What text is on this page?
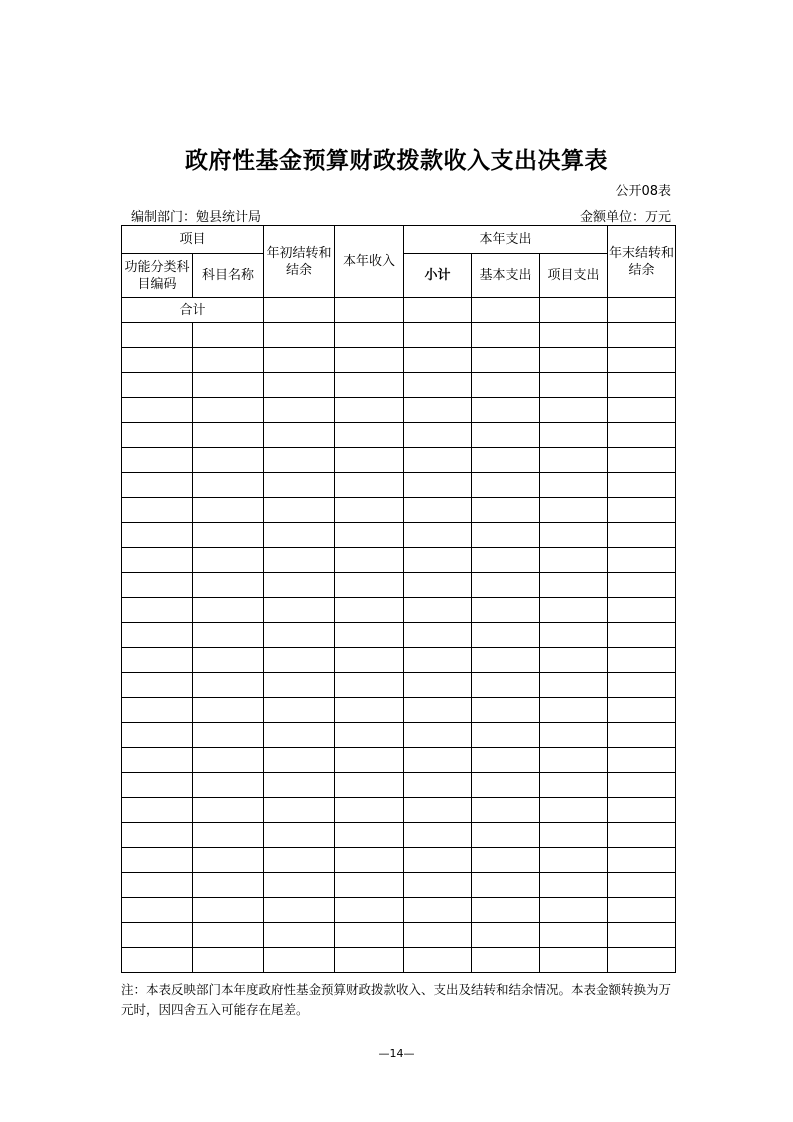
政府性基金预算财政拨款收入支出决算表
公开08表
编制部门：勉县统计局	金额单位：万元
项目		年初结转和结余	本年收入	本年支出			年末结转和结余
功能分类科目编码	科目名称			小计	基本支出	项目支出	
合计							

注：本表反映部门本年度政府性基金预算财政拨款收入、支出及结转和结余情况。本表金额转换为万元时，因四舍五入可能存在尾差。
—14—
